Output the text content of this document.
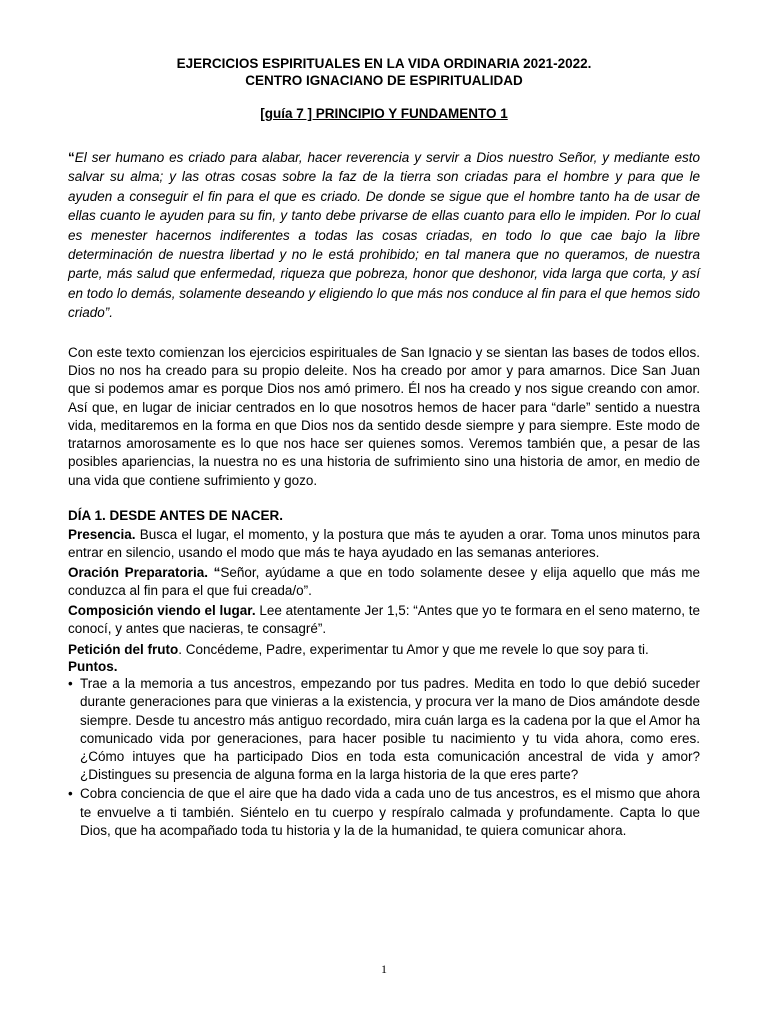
EJERCICIOS ESPIRITUALES EN LA VIDA ORDINARIA 2021-2022.
CENTRO IGNACIANO DE ESPIRITUALIDAD

[guía 7 ] PRINCIPIO Y FUNDAMENTO 1

“El ser humano es criado para alabar, hacer reverencia y servir a Dios nuestro Señor, y mediante esto salvar su alma; y las otras cosas sobre la faz de la tierra son criadas para el hombre y para que le ayuden a conseguir el fin para el que es criado. De donde se sigue que el hombre tanto ha de usar de ellas cuanto le ayuden para su fin, y tanto debe privarse de ellas cuanto para ello le impiden. Por lo cual es menester hacernos indiferentes a todas las cosas criadas, en todo lo que cae bajo la libre determinación de nuestra libertad y no le está prohibido; en tal manera que no queramos, de nuestra parte, más salud que enfermedad, riqueza que pobreza, honor que deshonor, vida larga que corta, y así en todo lo demás, solamente deseando y eligiendo lo que más nos conduce al fin para el que hemos sido criado”.

Con este texto comienzan los ejercicios espirituales de San Ignacio y se sientan las bases de todos ellos. Dios no nos ha creado para su propio deleite. Nos ha creado por amor y para amarnos. Dice San Juan que si podemos amar es porque Dios nos amó primero. Él nos ha creado y nos sigue creando con amor. Así que, en lugar de iniciar centrados en lo que nosotros hemos de hacer para “darle” sentido a nuestra vida, meditaremos en la forma en que Dios nos da sentido desde siempre y para siempre. Este modo de tratarnos amorosamente es lo que nos hace ser quienes somos. Veremos también que, a pesar de las posibles apariencias, la nuestra no es una historia de sufrimiento sino una historia de amor, en medio de una vida que contiene sufrimiento y gozo.

DÍA 1. DESDE ANTES DE NACER.

Presencia. Busca el lugar, el momento, y la postura que más te ayuden a orar. Toma unos minutos para entrar en silencio, usando el modo que más te haya ayudado en las semanas anteriores.

Oración Preparatoria. “Señor, ayúdame a que en todo solamente desee y elija aquello que más me conduzca al fin para el que fui creada/o”.

Composición viendo el lugar. Lee atentamente Jer 1,5: “Antes que yo te formara en el seno materno, te conocí, y antes que nacieras, te consagré”.

Petición del fruto. Concédeme, Padre, experimentar tu Amor y que me revele lo que soy para ti.

Puntos.

• Trae a la memoria a tus ancestros, empezando por tus padres. Medita en todo lo que debió suceder durante generaciones para que vinieras a la existencia, y procura ver la mano de Dios amándote desde siempre. Desde tu ancestro más antiguo recordado, mira cuán larga es la cadena por la que el Amor ha comunicado vida por generaciones, para hacer posible tu nacimiento y tu vida ahora, como eres. ¿Cómo intuyes que ha participado Dios en toda esta comunicación ancestral de vida y amor? ¿Distingues su presencia de alguna forma en la larga historia de la que eres parte?
• Cobra conciencia de que el aire que ha dado vida a cada uno de tus ancestros, es el mismo que ahora te envuelve a ti también. Siéntelo en tu cuerpo y respíralo calmada y profundamente. Capta lo que Dios, que ha acompañado toda tu historia y la de la humanidad, te quiera comunicar ahora.
1
